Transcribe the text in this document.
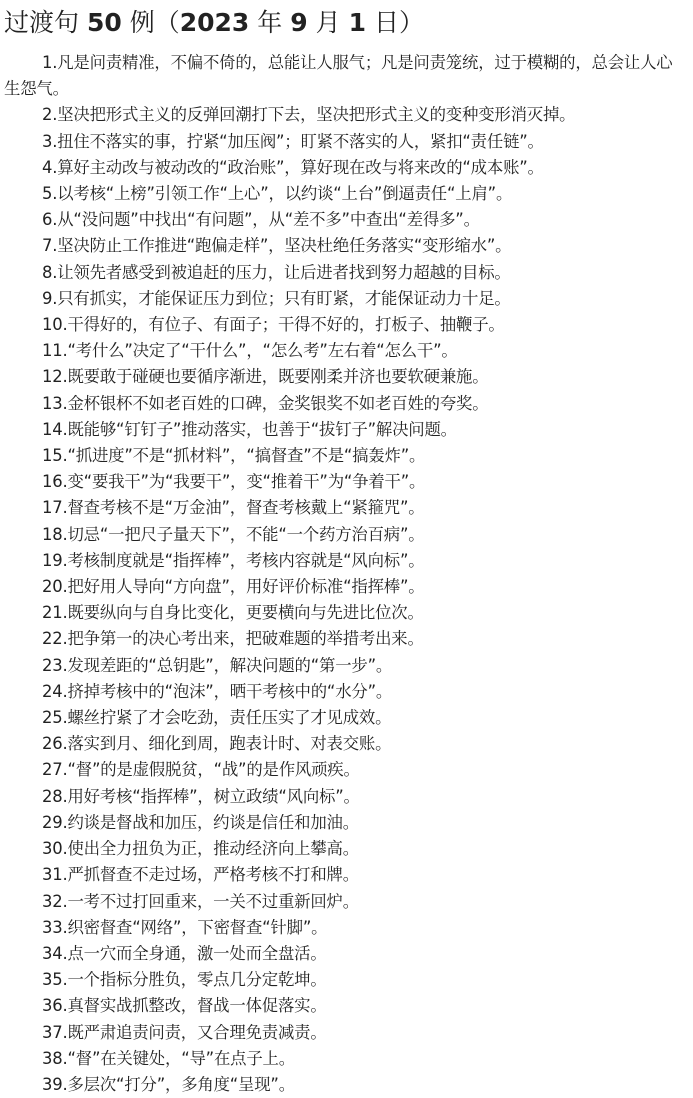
过渡句 50 例（2023 年 9 月 1 日）

1.凡是问责精准，不偏不倚的，总能让人服气；凡是问责笼统，过于模糊的，总会让人心生怨气。

2.坚决把形式主义的反弹回潮打下去，坚决把形式主义的变种变形消灭掉。

3.扭住不落实的事，拧紧“加压阀”；盯紧不落实的人，紧扣“责任链”。

4.算好主动改与被动改的“政治账”，算好现在改与将来改的“成本账”。

5.以考核“上榜”引领工作“上心”，以约谈“上台”倒逼责任“上肩”。

6.从“没问题”中找出“有问题”，从“差不多”中查出“差得多”。

7.坚决防止工作推进“跑偏走样”，坚决杜绝任务落实“变形缩水”。

8.让领先者感受到被追赶的压力，让后进者找到努力超越的目标。

9.只有抓实，才能保证压力到位；只有盯紧，才能保证动力十足。

10.干得好的，有位子、有面子；干得不好的，打板子、抽鞭子。

11.“考什么”决定了“干什么”，“怎么考”左右着“怎么干”。

12.既要敢于碰硬也要循序渐进，既要刚柔并济也要软硬兼施。

13.金杯银杯不如老百姓的口碑，金奖银奖不如老百姓的夸奖。

14.既能够“钉钉子”推动落实，也善于“拔钉子”解决问题。

15.“抓进度”不是“抓材料”，“搞督查”不是“搞轰炸”。

16.变“要我干”为“我要干”，变“推着干”为“争着干”。

17.督查考核不是“万金油”，督查考核戴上“紧箍咒”。

18.切忌“一把尺子量天下”，不能“一个药方治百病”。

19.考核制度就是“指挥棒”，考核内容就是“风向标”。

20.把好用人导向“方向盘”，用好评价标准“指挥棒”。

21.既要纵向与自身比变化，更要横向与先进比位次。

22.把争第一的决心考出来，把破难题的举措考出来。

23.发现差距的“总钥匙”，解决问题的“第一步”。

24.挤掉考核中的“泡沫”，晒干考核中的“水分”。

25.螺丝拧紧了才会吃劲，责任压实了才见成效。

26.落实到月、细化到周，跑表计时、对表交账。

27.“督”的是虚假脱贫，“战”的是作风顽疾。

28.用好考核“指挥棒”，树立政绩“风向标”。

29.约谈是督战和加压，约谈是信任和加油。

30.使出全力扭负为正，推动经济向上攀高。

31.严抓督查不走过场，严格考核不打和牌。

32.一考不过打回重来，一关不过重新回炉。

33.织密督查“网络”，下密督查“针脚”。

34.点一穴而全身通，激一处而全盘活。

35.一个指标分胜负，零点几分定乾坤。

36.真督实战抓整改，督战一体促落实。

37.既严肃追责问责，又合理免责减责。

38.“督”在关键处，“导”在点子上。

39.多层次“打分”，多角度“呈现”。
